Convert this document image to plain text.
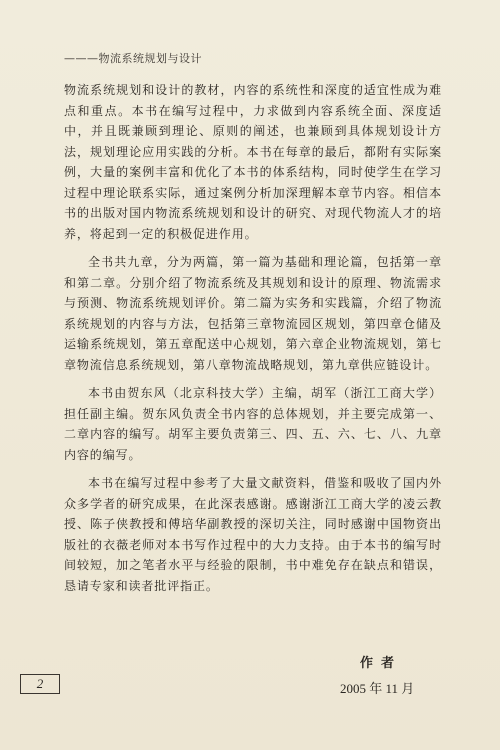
———物流系统规划与设计

物流系统规划和设计的教材，内容的系统性和深度的适宜性成为难点和重点。本书在编写过程中，力求做到内容系统全面、深度适中，并且既兼顾到理论、原则的阐述，也兼顾到具体规划设计方法，规划理论应用实践的分析。本书在每章的最后，都附有实际案例，大量的案例丰富和优化了本书的体系结构，同时使学生在学习过程中理论联系实际，通过案例分析加深理解本章节内容。相信本书的出版对国内物流系统规划和设计的研究、对现代物流人才的培养，将起到一定的积极促进作用。

全书共九章，分为两篇，第一篇为基础和理论篇，包括第一章和第二章。分别介绍了物流系统及其规划和设计的原理、物流需求与预测、物流系统规划评价。第二篇为实务和实践篇，介绍了物流系统规划的内容与方法，包括第三章物流园区规划，第四章仓储及运输系统规划，第五章配送中心规划，第六章企业物流规划，第七章物流信息系统规划，第八章物流战略规划，第九章供应链设计。

本书由贺东风（北京科技大学）主编，胡军（浙江工商大学）担任副主编。贺东风负责全书内容的总体规划，并主要完成第一、二章内容的编写。胡军主要负责第三、四、五、六、七、八、九章内容的编写。

本书在编写过程中参考了大量文献资料，借鉴和吸收了国内外众多学者的研究成果，在此深表感谢。感谢浙江工商大学的凌云教授、陈子侠教授和傅培华副教授的深切关注，同时感谢中国物资出版社的衣薇老师对本书写作过程中的大力支持。由于本书的编写时间较短，加之笔者水平与经验的限制，书中难免存在缺点和错误，恳请专家和读者批评指正。

作者
2005 年 11 月
2
